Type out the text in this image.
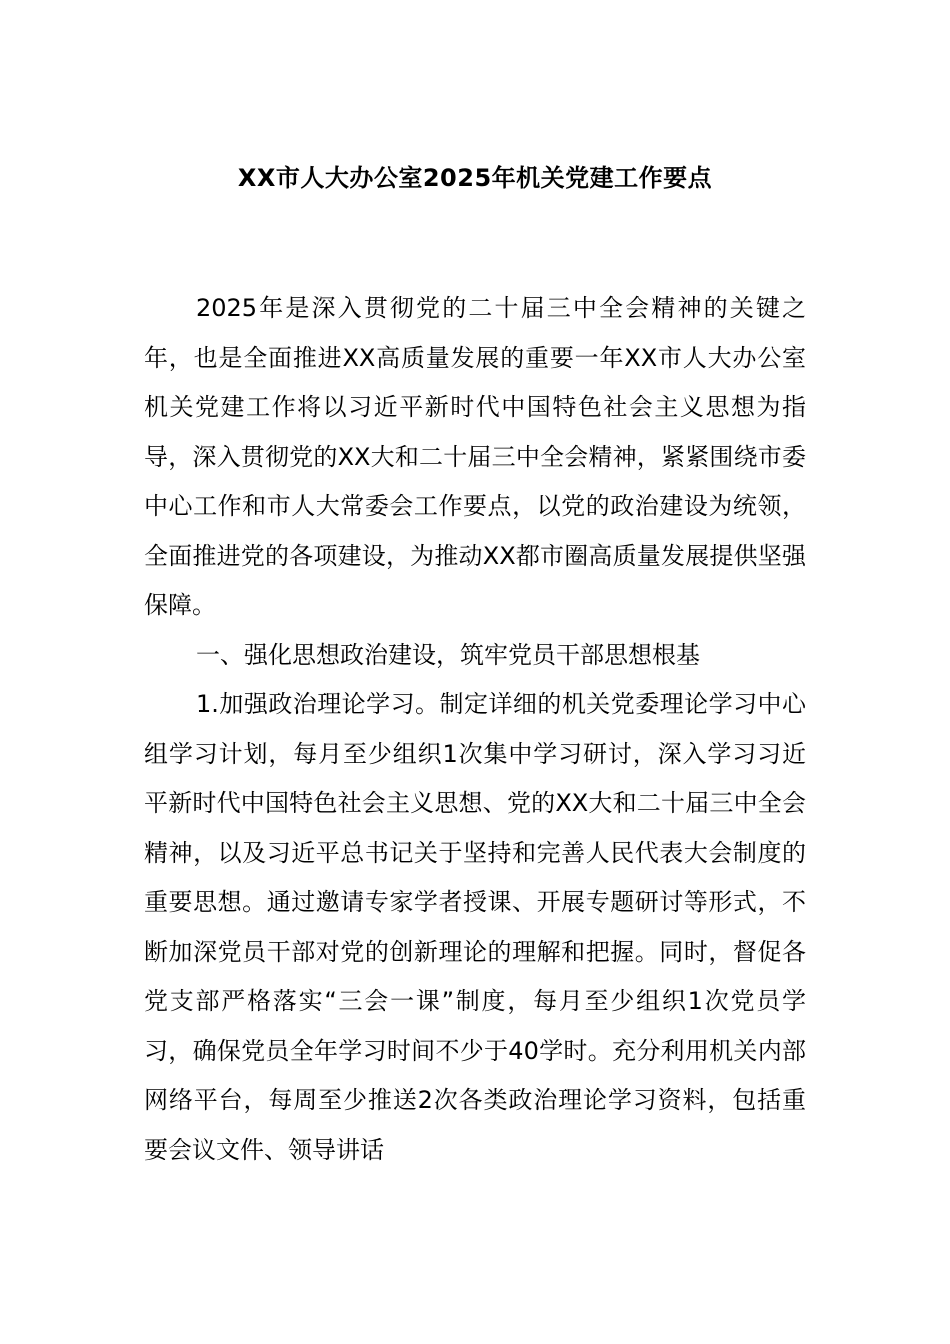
XX市人大办公室2025年机关党建工作要点

2025年是深入贯彻党的二十届三中全会精神的关键之年，也是全面推进XX高质量发展的重要一年XX市人大办公室机关党建工作将以习近平新时代中国特色社会主义思想为指导，深入贯彻党的XX大和二十届三中全会精神，紧紧围绕市委中心工作和市人大常委会工作要点，以党的政治建设为统领，全面推进党的各项建设，为推动XX都市圈高质量发展提供坚强保障。

一、强化思想政治建设，筑牢党员干部思想根基

1.加强政治理论学习。制定详细的机关党委理论学习中心组学习计划，每月至少组织1次集中学习研讨，深入学习习近平新时代中国特色社会主义思想、党的XX大和二十届三中全会精神，以及习近平总书记关于坚持和完善人民代表大会制度的重要思想。通过邀请专家学者授课、开展专题研讨等形式，不断加深党员干部对党的创新理论的理解和把握。同时，督促各党支部严格落实“三会一课”制度，每月至少组织1次党员学习，确保党员全年学习时间不少于40学时。充分利用机关内部网络平台，每周至少推送2次各类政治理论学习资料，包括重要会议文件、领导讲话
